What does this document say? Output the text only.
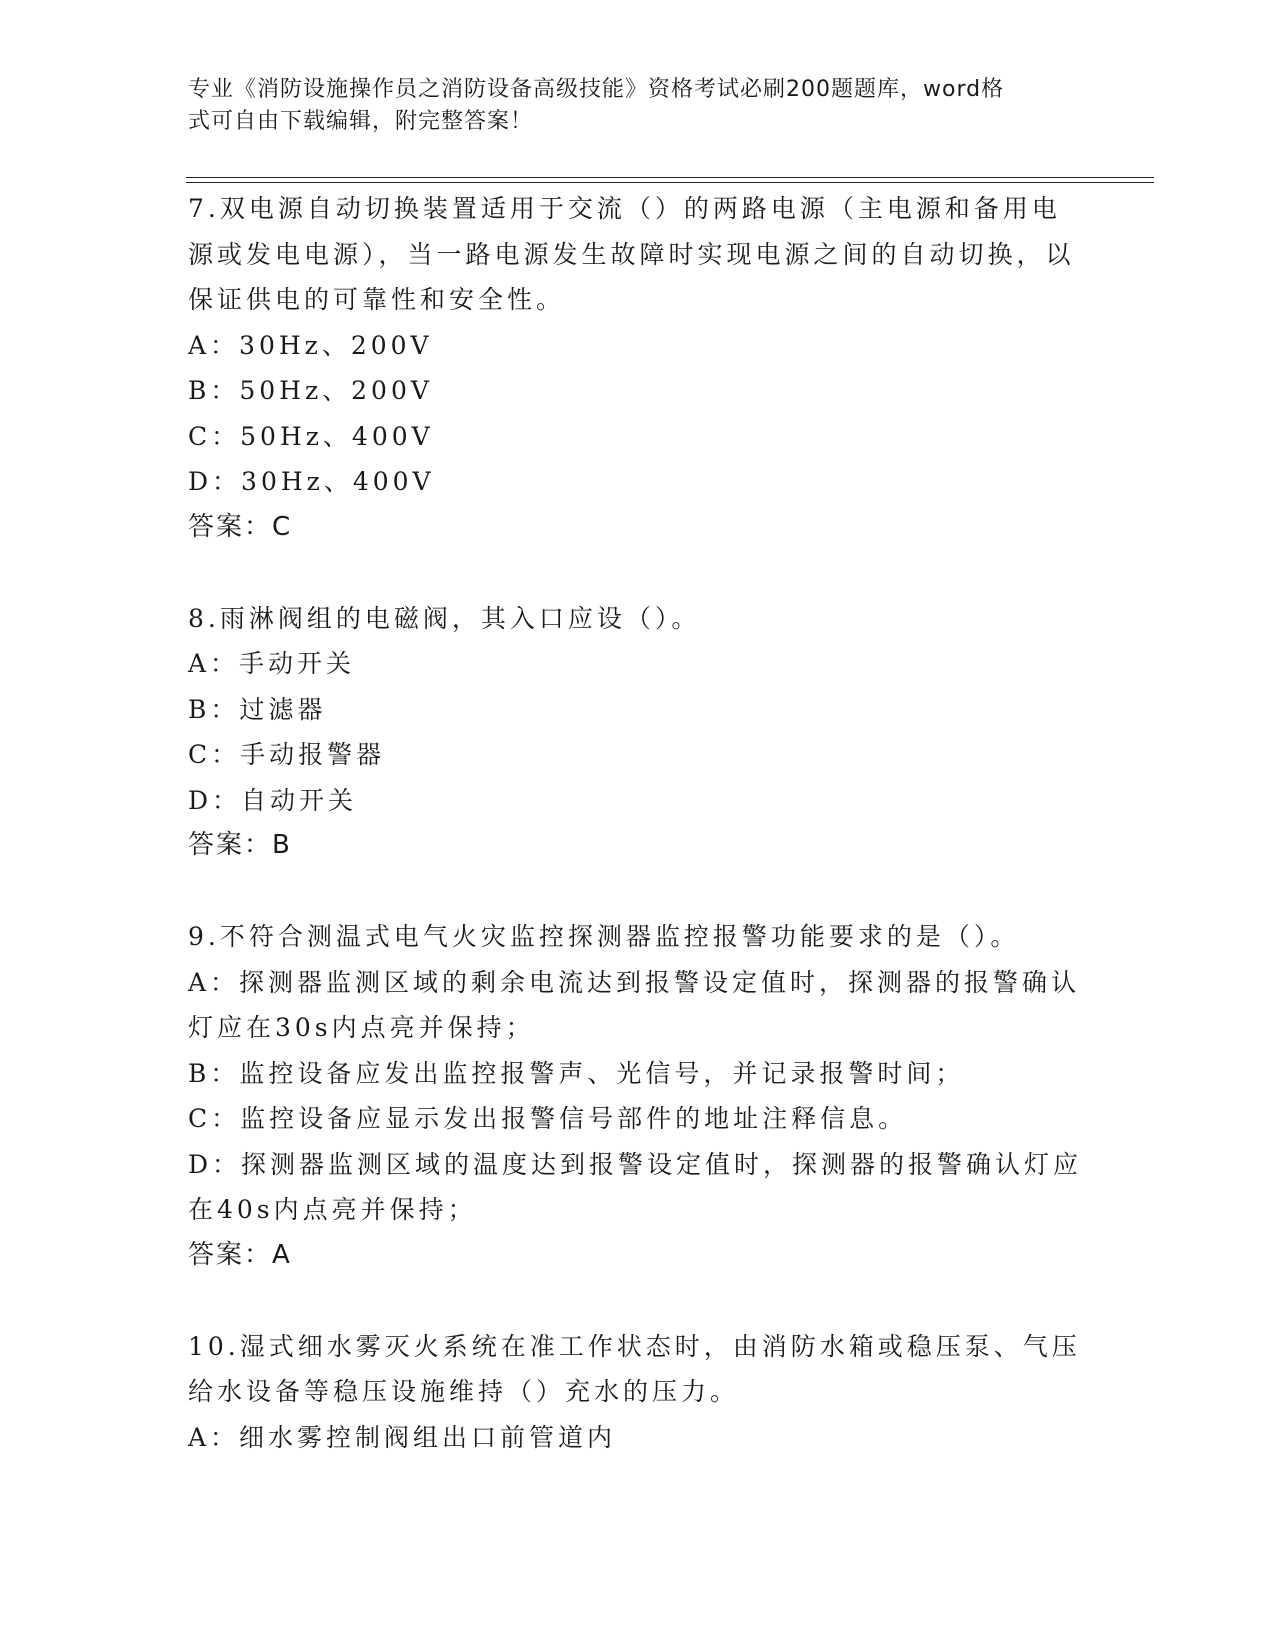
专业《消防设施操作员之消防设备高级技能》资格考试必刷200题题库，word格
式可自由下载编辑，附完整答案！

7.双电源自动切换装置适用于交流（）的两路电源（主电源和备用电源或发电电源），当一路电源发生故障时实现电源之间的自动切换，以保证供电的可靠性和安全性。

A：30Hz、200V

B：50Hz、200V

C：50Hz、400V

D：30Hz、400V

答案：C

8.雨淋阀组的电磁阀，其入口应设（）。

A：手动开关

B：过滤器

C：手动报警器

D：自动开关

答案：B

9.不符合测温式电气火灾监控探测器监控报警功能要求的是（）。

A：探测器监测区域的剩余电流达到报警设定值时，探测器的报警确认灯应在30s内点亮并保持；

B：监控设备应发出监控报警声、光信号，并记录报警时间；

C：监控设备应显示发出报警信号部件的地址注释信息。

D：探测器监测区域的温度达到报警设定值时，探测器的报警确认灯应在40s内点亮并保持；

答案：A

10.湿式细水雾灭火系统在准工作状态时，由消防水箱或稳压泵、气压给水设备等稳压设施维持（）充水的压力。

A：细水雾控制阀组出口前管道内
